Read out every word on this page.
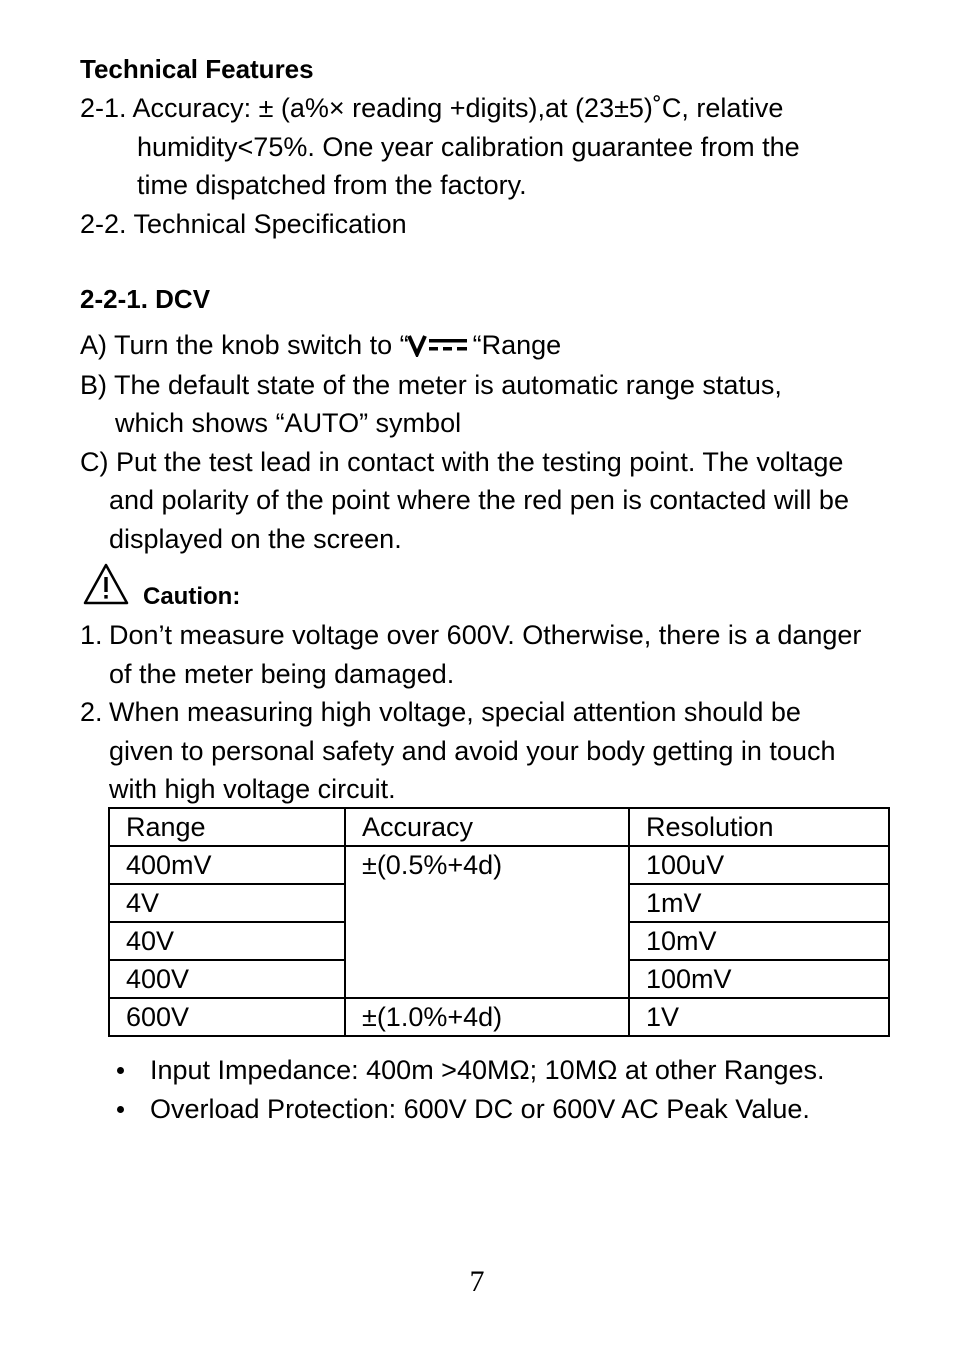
Technical Features
2-1. Accuracy: ± (a%× reading +digits),at (23±5)˚C, relative
humidity<75%. One year calibration guarantee from the
time dispatched from the factory.
2-2. Technical Specification
2-2-1. DCV
A) Turn the knob switch to “ “Range
B) The default state of the meter is automatic range status,
which shows “AUTO” symbol
C) Put the test lead in contact with the testing point. The voltage
and polarity of the point where the red pen is contacted will be
displayed on the screen.
Caution:
1. Don’t measure voltage over 600V. Otherwise, there is a danger
of the meter being damaged.
2. When measuring high voltage, special attention should be
given to personal safety and avoid your body getting in touch
with high voltage circuit.
Range	Accuracy	Resolution
400mV	±(0.5%+4d)	100uV
4V		1mV
40V		10mV
400V		100mV
600V	±(1.0%+4d)	1V
Input Impedance: 400m >40MΩ; 10MΩ at other Ranges.
Overload Protection: 600V DC or 600V AC Peak Value.
7
